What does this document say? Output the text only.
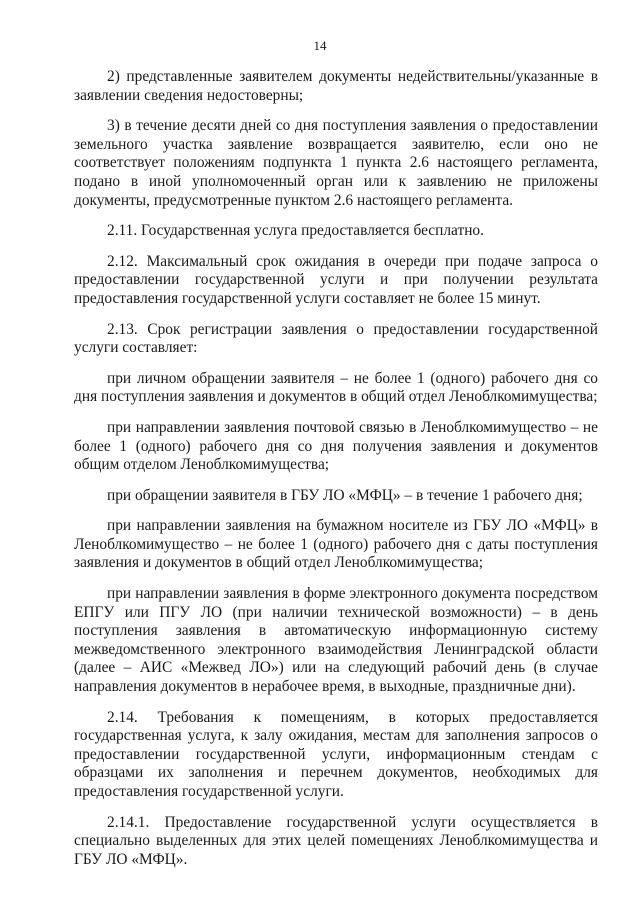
14

2) представленные заявителем документы недействительны/указанные в заявлении сведения недостоверны;

3) в течение десяти дней со дня поступления заявления о предоставлении земельного участка заявление возвращается заявителю, если оно не соответствует положениям подпункта 1 пункта 2.6 настоящего регламента, подано в иной уполномоченный орган или к заявлению не приложены документы, предусмотренные пунктом 2.6 настоящего регламента.

2.11. Государственная услуга предоставляется бесплатно.

2.12. Максимальный срок ожидания в очереди при подаче запроса о предоставлении государственной услуги и при получении результата предоставления государственной услуги составляет не более 15 минут.

2.13. Срок регистрации заявления о предоставлении государственной услуги составляет:

при личном обращении заявителя – не более 1 (одного) рабочего дня со дня поступления заявления и документов в общий отдел Леноблкомимущества;

при направлении заявления почтовой связью в Леноблкомимущество – не более 1 (одного) рабочего дня со дня получения заявления и документов общим отделом Леноблкомимущества;

при обращении заявителя в ГБУ ЛО «МФЦ» – в течение 1 рабочего дня;

при направлении заявления на бумажном носителе из ГБУ ЛО «МФЦ» в Леноблкомимущество – не более 1 (одного) рабочего дня с даты поступления заявления и документов в общий отдел Леноблкомимущества;

при направлении заявления в форме электронного документа посредством ЕПГУ или ПГУ ЛО (при наличии технической возможности) – в день поступления заявления в автоматическую информационную систему межведомственного электронного взаимодействия Ленинградской области (далее – АИС «Межвед ЛО») или на следующий рабочий день (в случае направления документов в нерабочее время, в выходные, праздничные дни).

2.14. Требования к помещениям, в которых предоставляется государственная услуга, к залу ожидания, местам для заполнения запросов о предоставлении государственной услуги, информационным стендам с образцами их заполнения и перечнем документов, необходимых для предоставления государственной услуги.

2.14.1. Предоставление государственной услуги осуществляется в специально выделенных для этих целей помещениях Леноблкомимущества и ГБУ ЛО «МФЦ».
